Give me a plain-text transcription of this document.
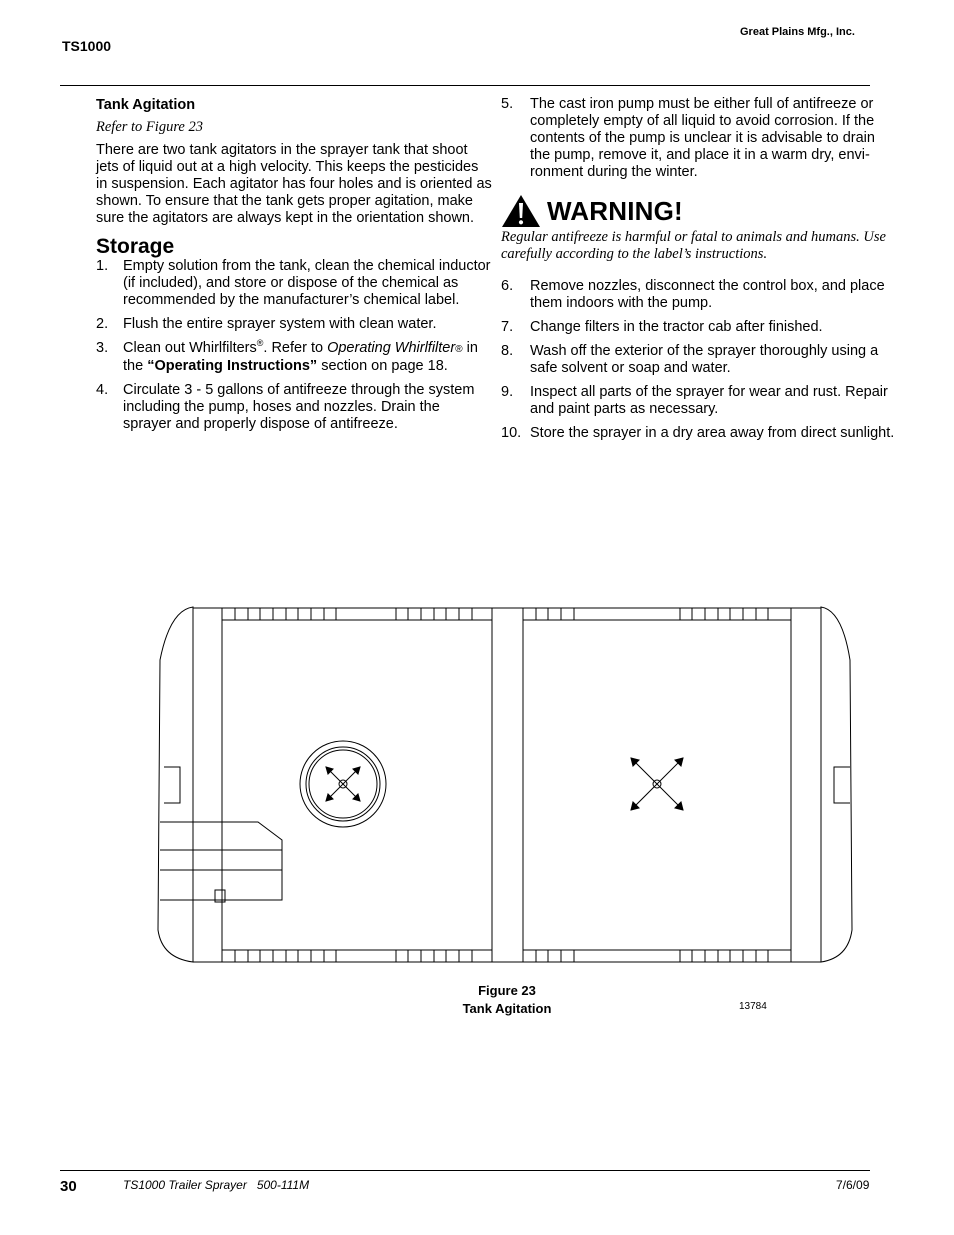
TS1000
Great Plains Mfg., Inc.
Tank Agitation
Refer to Figure 23

There are two tank agitators in the sprayer tank that shoot jets of liquid out at a high velocity. This keeps the pesticides in suspension. Each agitator has four holes and is oriented as shown. To ensure that the tank gets proper agitation, make sure the agitators are always kept in the orientation shown.

Storage
1.	Empty solution from the tank, clean the chemical inductor (if included), and store or dispose of the chemical as recommended by the manufacturer’s chemical label.
2.	Flush the entire sprayer system with clean water.
3.	Clean out Whirlfilters®. Refer to Operating Whirlfilter® in the “Operating Instructions” section on page 18.
4.	Circulate 3 - 5 gallons of antifreeze through the system including the pump, hoses and nozzles. Drain the sprayer and properly dispose of antifreeze.
5.	The cast iron pump must be either full of antifreeze or completely empty of all liquid to avoid corrosion. If the contents of the pump is unclear it is advisable to drain the pump, remove it, and place it in a warm dry, environment during the winter.
WARNING!
Regular antifreeze is harmful or fatal to animals and humans. Use carefully according to the label’s instructions.
6.	Remove nozzles, disconnect the control box, and place them indoors with the pump.
7.	Change filters in the tractor cab after finished.
8.	Wash off the exterior of the sprayer thoroughly using a safe solvent or soap and water.
9.	Inspect all parts of the sprayer for wear and rust. Repair and paint parts as necessary.
10. Store the sprayer in a dry area away from direct sunlight.
Figure 23
Tank Agitation	13784
30	TS1000 Trailer Sprayer   500-111M	7/6/09
